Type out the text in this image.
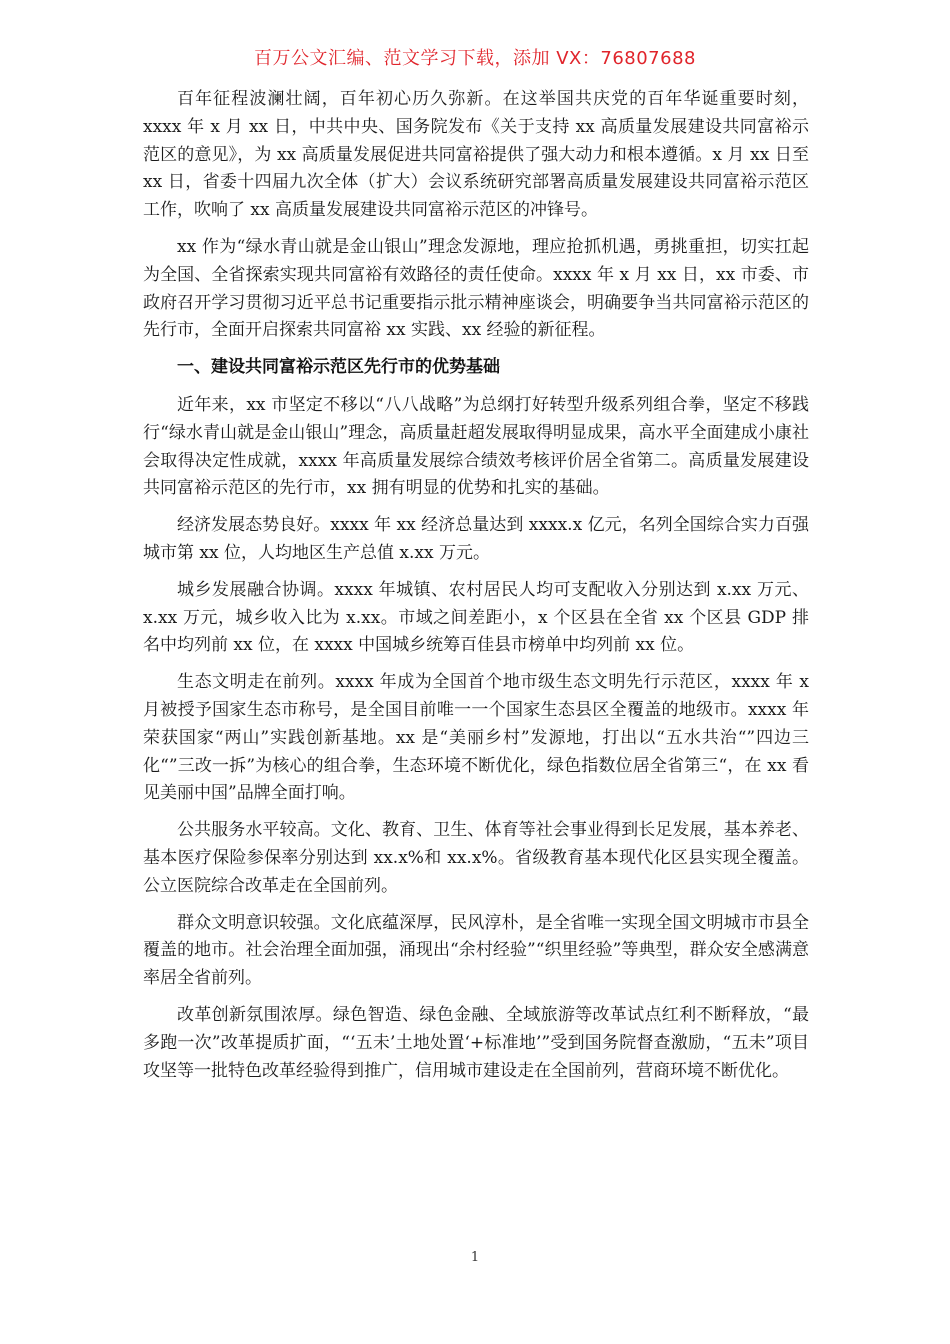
百万公文汇编、范文学习下载，添加 VX：76807688

百年征程波澜壮阔，百年初心历久弥新。在这举国共庆党的百年华诞重要时刻，xxxx 年 x 月 xx 日，中共中央、国务院发布《关于支持 xx 高质量发展建设共同富裕示范区的意见》，为 xx 高质量发展促进共同富裕提供了强大动力和根本遵循。x 月 xx 日至 xx 日，省委十四届九次全体（扩大）会议系统研究部署高质量发展建设共同富裕示范区工作，吹响了 xx 高质量发展建设共同富裕示范区的冲锋号。

xx 作为“绿水青山就是金山银山”理念发源地，理应抢抓机遇，勇挑重担，切实扛起为全国、全省探索实现共同富裕有效路径的责任使命。xxxx 年 x 月 xx 日，xx 市委、市政府召开学习贯彻习近平总书记重要指示批示精神座谈会，明确要争当共同富裕示范区的先行市，全面开启探索共同富裕 xx 实践、xx 经验的新征程。

一、建设共同富裕示范区先行市的优势基础

近年来，xx 市坚定不移以“八八战略”为总纲打好转型升级系列组合拳，坚定不移践行“绿水青山就是金山银山”理念，高质量赶超发展取得明显成果，高水平全面建成小康社会取得决定性成就，xxxx 年高质量发展综合绩效考核评价居全省第二。高质量发展建设共同富裕示范区的先行市，xx 拥有明显的优势和扎实的基础。

经济发展态势良好。xxxx 年 xx 经济总量达到 xxxx.x 亿元，名列全国综合实力百强城市第 xx 位，人均地区生产总值 x.xx 万元。

城乡发展融合协调。xxxx 年城镇、农村居民人均可支配收入分别达到 x.xx 万元、x.xx 万元，城乡收入比为 x.xx。市域之间差距小，x 个区县在全省 xx 个区县 GDP 排名中均列前 xx 位，在 xxxx 中国城乡统筹百佳县市榜单中均列前 xx 位。

生态文明走在前列。xxxx 年成为全国首个地市级生态文明先行示范区，xxxx 年 x 月被授予国家生态市称号，是全国目前唯一一个国家生态县区全覆盖的地级市。xxxx 年荣获国家“两山”实践创新基地。xx 是“美丽乡村”发源地，打出以“五水共治“”四边三化“”三改一拆”为核心的组合拳，生态环境不断优化，绿色指数位居全省第三“，在 xx 看见美丽中国”品牌全面打响。

公共服务水平较高。文化、教育、卫生、体育等社会事业得到长足发展，基本养老、基本医疗保险参保率分别达到 xx.x%和 xx.x%。省级教育基本现代化区县实现全覆盖。公立医院综合改革走在全国前列。

群众文明意识较强。文化底蕴深厚，民风淳朴，是全省唯一实现全国文明城市市县全覆盖的地市。社会治理全面加强，涌现出“余村经验”“织里经验”等典型，群众安全感满意率居全省前列。

改革创新氛围浓厚。绿色智造、绿色金融、全域旅游等改革试点红利不断释放，“最多跑一次”改革提质扩面，“‘五未’土地处置‘+标准地’”受到国务院督查激励，“五未”项目攻坚等一批特色改革经验得到推广，信用城市建设走在全国前列，营商环境不断优化。

1
